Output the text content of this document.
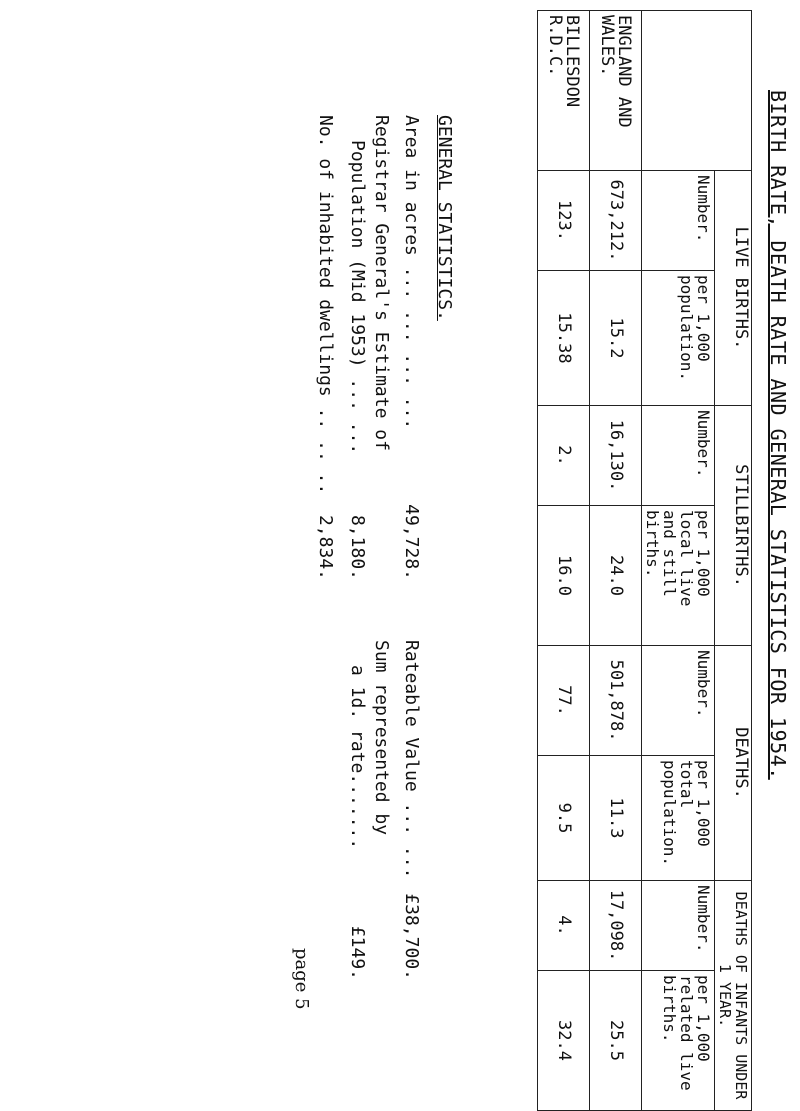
BIRTH RATE, DEATH RATE AND GENERAL STATISTICS FOR 1954.
	LIVE BIRTHS.		STILLBIRTHS.		DEATHS.		DEATHS OF INFANTS UNDER 1 YEAR.	
	Number.	per 1,000 population.	Number.	per 1,000 local live and still births.	Number.	per 1,000 total population.	Number.	per 1,000 related live births.
ENGLAND AND WALES.	673,212.	15.2	16,130.	24.0	501,878.	11.3	17,098.	25.5
BILLESDON R.D.C.	123.	15.38	2.	16.0	77.	9.5	4.	32.4
GENERAL STATISTICS.
Area in acres ... ... ... ...
49,728.
Registrar General's Estimate of
Population (Mid 1953) ... ...
8,180.
No. of inhabited dwellings .. .. ..
2,834.
Rateable Value ... ...
£38,700.
Sum represented by
a 1d. rate.......
£149.
page 5
